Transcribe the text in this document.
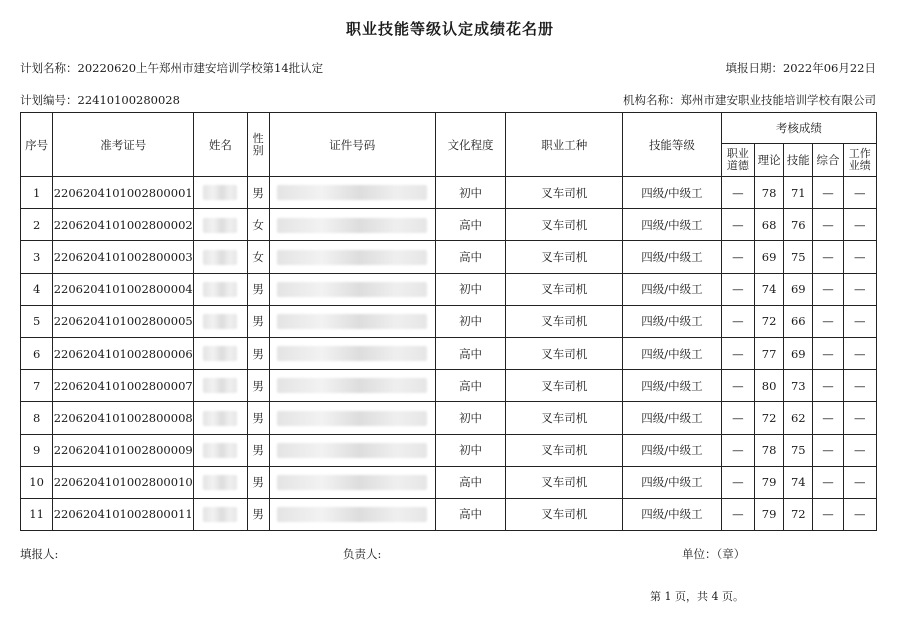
职业技能等级认定成绩花名册
计划名称：20220620上午郑州市建安培训学校第14批认定	填报日期：2022年06月22日
计划编号：22410100280028	机构名称：郑州市建安职业技能培训学校有限公司
序号	准考证号	姓名	性别	证件号码	文化程度	职业工种	技能等级	考核成绩				
								职业道德	理论	技能	综合	工作业绩
1	2206204101002800001		男		初中	叉车司机	四级/中级工	—	78	71	—	—
2	2206204101002800002		女		高中	叉车司机	四级/中级工	—	68	76	—	—
3	2206204101002800003		女		高中	叉车司机	四级/中级工	—	69	75	—	—
4	2206204101002800004		男		初中	叉车司机	四级/中级工	—	74	69	—	—
5	2206204101002800005		男		初中	叉车司机	四级/中级工	—	72	66	—	—
6	2206204101002800006		男		高中	叉车司机	四级/中级工	—	77	69	—	—
7	2206204101002800007		男		高中	叉车司机	四级/中级工	—	80	73	—	—
8	2206204101002800008		男		初中	叉车司机	四级/中级工	—	72	62	—	—
9	2206204101002800009		男		初中	叉车司机	四级/中级工	—	78	75	—	—
10	2206204101002800010		男		高中	叉车司机	四级/中级工	—	79	74	—	—
11	2206204101002800011		男		高中	叉车司机	四级/中级工	—	79	72	—	—
填报人:	负责人:	单位：（章）
第 1 页，共 4 页。
